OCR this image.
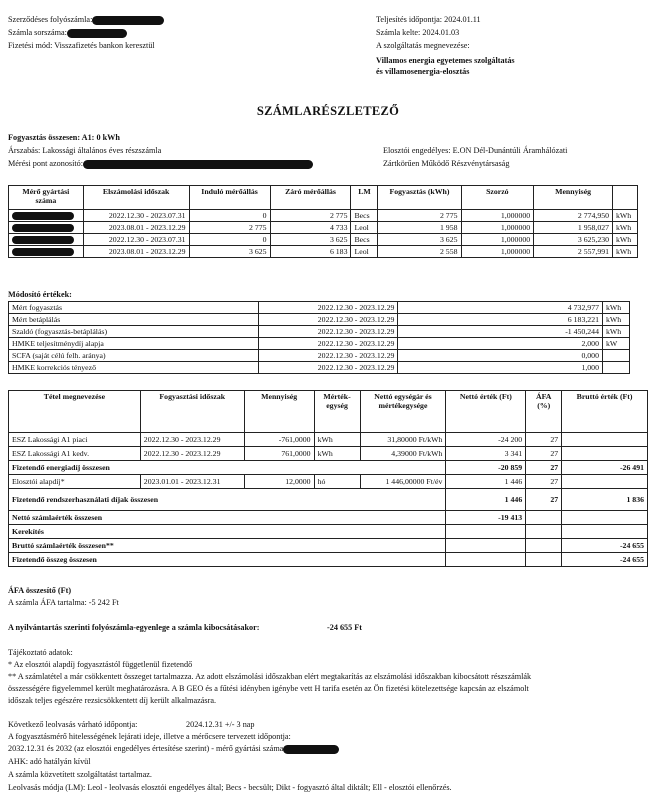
Szerződéses folyószámla:
Számla sorszáma:
Fizetési mód: Visszafizetés bankon keresztül
Teljesítés időpontja: 2024.01.11
Számla kelte: 2024.01.03
A szolgáltatás megnevezése:
Villamos energia egyetemes szolgáltatás
és villamosenergia-elosztás
SZÁMLARÉSZLETEZŐ
Fogyasztás összesen: A1: 0 kWh
Árszabás: Lakossági általános éves részszámla
Mérési pont azonosító:
Elosztói engedélyes: E.ON Dél-Dunántúli Áramhálózati
Zártkörűen Működő Részvénytársaság
Mérő gyártási száma	Elszámolási időszak	Induló mérőállás	Záró mérőállás	LM	Fogyasztás (kWh)	Szorzó	Mennyiség	
	2022.12.30 - 2023.07.31	0	2 775	Becs	2 775	1,000000	2 774,950	kWh
	2023.08.01 - 2023.12.29	2 775	4 733	Leol	1 958	1,000000	1 958,027	kWh
	2022.12.30 - 2023.07.31	0	3 625	Becs	3 625	1,000000	3 625,230	kWh
	2023.08.01 - 2023.12.29	3 625	6 183	Leol	2 558	1,000000	2 557,991	kWh
Módosító értékek:
Mért fogyasztás	2022.12.30 - 2023.12.29	4 732,977	kWh
Mért betáplálás	2022.12.30 - 2023.12.29	6 183,221	kWh
Szaldó (fogyasztás-betáplálás)	2022.12.30 - 2023.12.29	-1 450,244	kWh
HMKE teljesítménydíj alapja	2022.12.30 - 2023.12.29	2,000	kW
SCFA (saját célú felh. aránya)	2022.12.30 - 2023.12.29	0,000	
HMKE korrekciós tényező	2022.12.30 - 2023.12.29	1,000	
Tétel megnevezése	Fogyasztási időszak	Mennyiség	Mérték-egység	Nettó egységár és mértékegysége	Nettó érték (Ft)	ÁFA (%)	Bruttó érték (Ft)
ESZ Lakossági A1 piaci	2022.12.30 - 2023.12.29	-761,0000	kWh	31,80000 Ft/kWh	-24 200	27	
ESZ Lakossági A1 kedv.	2022.12.30 - 2023.12.29	761,0000	kWh	4,39000 Ft/kWh	3 341	27	
Fizetendő energiadíj összesen					-20 859	27	-26 491
Elosztói alapdíj*	2023.01.01 - 2023.12.31	12,0000	hó	1 446,00000 Ft/év	1 446	27	
Fizetendő rendszerhasználati díjak összesen					1 446	27	1 836
Nettó számlaérték összesen					-19 413		
Kerekítés							
Bruttó számlaérték összesen**							-24 655
Fizetendő összeg összesen							-24 655
ÁFA összesítő (Ft)
A számla ÁFA tartalma: -5 242 Ft
A nyilvántartás szerinti folyószámla-egyenlege a számla kibocsátásakor:	-24 655 Ft
Tájékoztató adatok:
* Az elosztói alapdíj fogyasztástól függetlenül fizetendő
** A számlatétel a már csökkentett összeget tartalmazza. Az adott elszámolási időszakban elért megtakarítás az elszámolási időszakban kibocsátott részszámlák
összességére figyelemmel került meghatározásra. A B GEO és a fűtési idényben igénybe vett H tarifa esetén az Ön fizetési kötelezettsége kapcsán az elszámolt
időszak teljes egészére rezsicsökkentett díj került alkalmazásra.
Következő leolvasás várható időpontja:	2024.12.31 +/- 3 nap
A fogyasztásmérő hitelességének lejárati ideje, illetve a mérőcsere tervezett időpontja:
2032.12.31 és 2032 (az elosztói engedélyes értesítése szerint) - mérő gyártási száma
AHK: adó hatályán kívül
A számla közvetített szolgáltatást tartalmaz.
Leolvasás módja (LM): Leol - leolvasás elosztói engedélyes által; Becs - becsült; Dikt - fogyasztó által diktált; Ell - elosztói ellenőrzés.
